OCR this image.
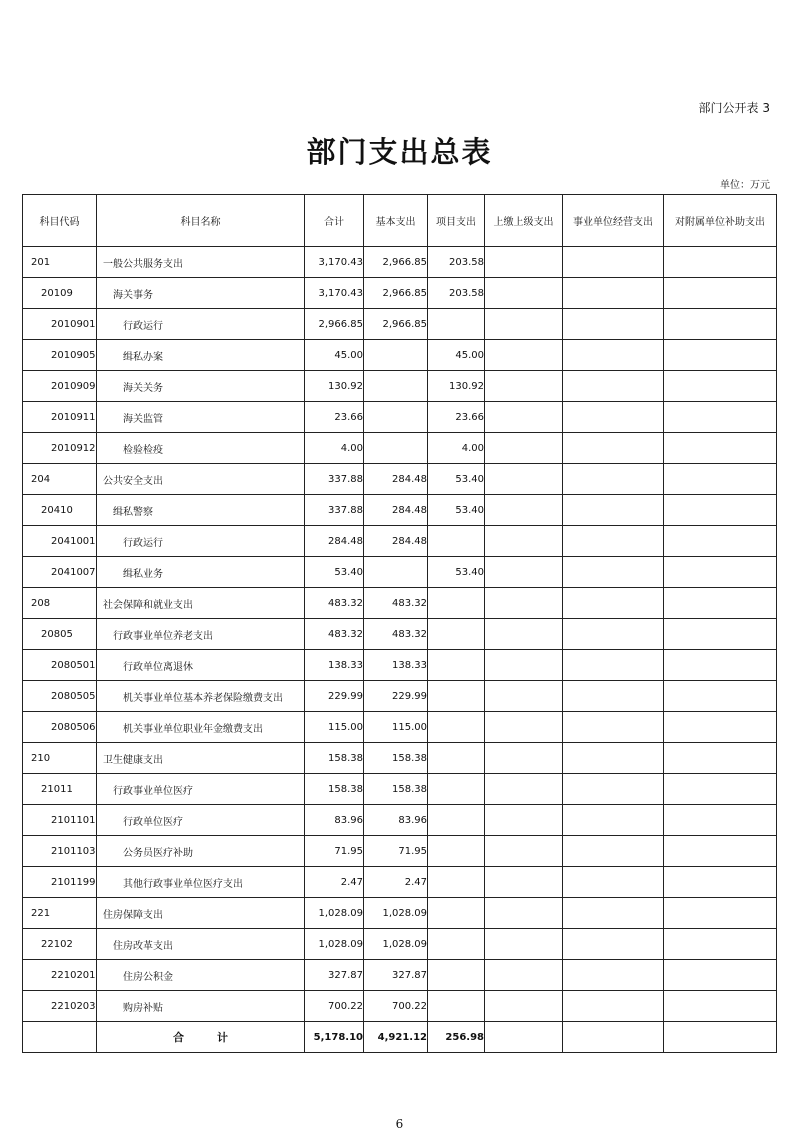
部门公开表 3
部门支出总表
单位：万元
科目代码	科目名称	合计	基本支出	项目支出	上缴上级支出	事业单位经营支出	对附属单位补助支出
201	一般公共服务支出	3,170.43	2,966.85	203.58			
20109	海关事务	3,170.43	2,966.85	203.58			
2010901	行政运行	2,966.85	2,966.85				
2010905	缉私办案	45.00		45.00			
2010909	海关关务	130.92		130.92			
2010911	海关监管	23.66		23.66			
2010912	检验检疫	4.00		4.00			
204	公共安全支出	337.88	284.48	53.40			
20410	缉私警察	337.88	284.48	53.40			
2041001	行政运行	284.48	284.48				
2041007	缉私业务	53.40		53.40			
208	社会保障和就业支出	483.32	483.32				
20805	行政事业单位养老支出	483.32	483.32				
2080501	行政单位离退休	138.33	138.33				
2080505	机关事业单位基本养老保险缴费支出	229.99	229.99				
2080506	机关事业单位职业年金缴费支出	115.00	115.00				
210	卫生健康支出	158.38	158.38				
21011	行政事业单位医疗	158.38	158.38				
2101101	行政单位医疗	83.96	83.96				
2101103	公务员医疗补助	71.95	71.95				
2101199	其他行政事业单位医疗支出	2.47	2.47				
221	住房保障支出	1,028.09	1,028.09				
22102	住房改革支出	1,028.09	1,028.09				
2210201	住房公积金	327.87	327.87				
2210203	购房补贴	700.22	700.22				
	合　　　计	5,178.10	4,921.12	256.98			
6
